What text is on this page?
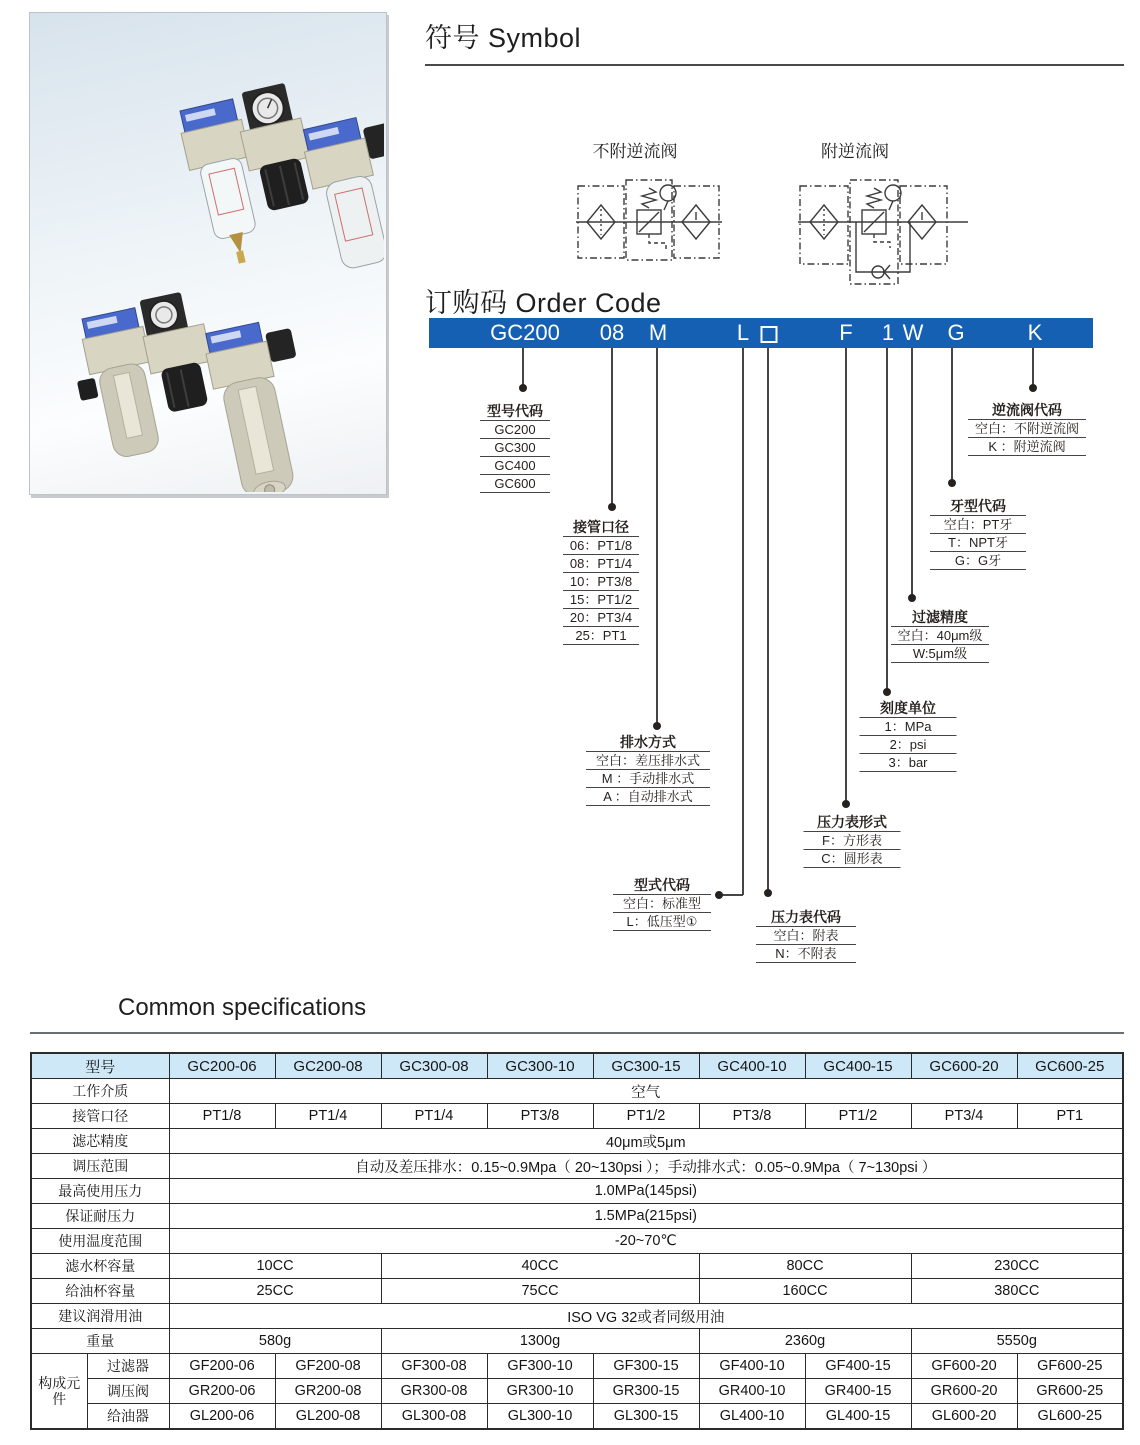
符号 Symbol
不附逆流阀	附逆流阀
订购码 Order Code
GC200 08 M	L	F 1 W G	K
型号代码
GC200
GC300
GC400
GC600
接管口径
06：PT1/8
08：PT1/4
10：PT3/8
15：PT1/2
20：PT3/4
25：PT1
排水方式
空白：差压排水式
M ：手动排水式
A ：自动排水式
型式代码
空白：标准型
L：低压型①	压力表代码
空白：附表
N：不附表
压力表形式
F：方形表
C：圆形表
刻度单位
1：MPa
2：psi
3：bar
过滤精度
空白：40μm级
W:5μm级
牙型代码
空白：PT牙
T：NPT牙
G：G牙
逆流阀代码
空白：不附逆流阀
K ：附逆流阀
Common specifications
型号		GC200-06	GC200-08	GC300-08	GC300-10	GC300-15	GC400-10	GC400-15	GC600-20	GC600-25
工作介质		空气								
接管口径		PT1/8	PT1/4	PT1/4	PT3/8	PT1/2	PT3/8	PT1/2	PT3/4	PT1
滤芯精度		40μm或5μm								
调压范围		自动及差压排水：0.15~0.9Mpa（ 20~130psi ）；手动排水式：0.05~0.9Mpa（ 7~130psi ）								
最高使用压力		1.0MPa(145psi)								
保证耐压力		1.5MPa(215psi)								
使用温度范围		-20~70℃								
滤水杯容量		10CC		40CC			80CC		230CC	
给油杯容量		25CC		75CC			160CC		380CC	
建议润滑用油		ISO VG 32或者同级用油								
重量		580g		1300g			2360g		5550g	
构成元件	过滤器	GF200-06	GF200-08	GF300-08	GF300-10	GF300-15	GF400-10	GF400-15	GF600-20	GF600-25
	调压阀	GR200-06	GR200-08	GR300-08	GR300-10	GR300-15	GR400-10	GR400-15	GR600-20	GR600-25
	给油器	GL200-06	GL200-08	GL300-08	GL300-10	GL300-15	GL400-10	GL400-15	GL600-20	GL600-25
